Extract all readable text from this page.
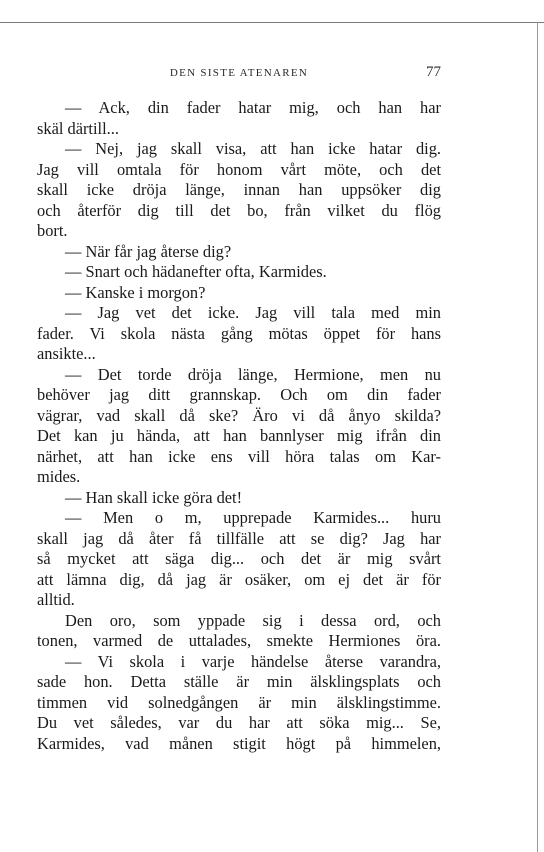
DEN SISTE ATENAREN	77
— Ack, din fader hatar mig, och han har
skäl därtill...
— Nej, jag skall visa, att han icke hatar dig.
Jag vill omtala för honom vårt möte, och det
skall icke dröja länge, innan han uppsöker dig
och återför dig till det bo, från vilket du flög
bort.
— När får jag återse dig?
— Snart och hädanefter ofta, Karmides.
— Kanske i morgon?
— Jag vet det icke. Jag vill tala med min
fader. Vi skola nästa gång mötas öppet för hans
ansikte...
— Det torde dröja länge, Hermione, men nu
behöver jag ditt grannskap. Och om din fader
vägrar, vad skall då ske? Äro vi då ånyo skilda?
Det kan ju hända, att han bannlyser mig ifrån din
närhet, att han icke ens vill höra talas om Kar-
mides.
— Han skall icke göra det!
— Men o m, upprepade Karmides... huru
skall jag då åter få tillfälle att se dig? Jag har
så mycket att säga dig... och det är mig svårt
att lämna dig, då jag är osäker, om ej det är för
alltid.
Den oro, som yppade sig i dessa ord, och
tonen, varmed de uttalades, smekte Hermiones öra.
— Vi skola i varje händelse återse varandra,
sade hon. Detta ställe är min älsklingsplats och
timmen vid solnedgången är min älsklingstimme.
Du vet således, var du har att söka mig... Se,
Karmides, vad månen stigit högt på himmelen,
